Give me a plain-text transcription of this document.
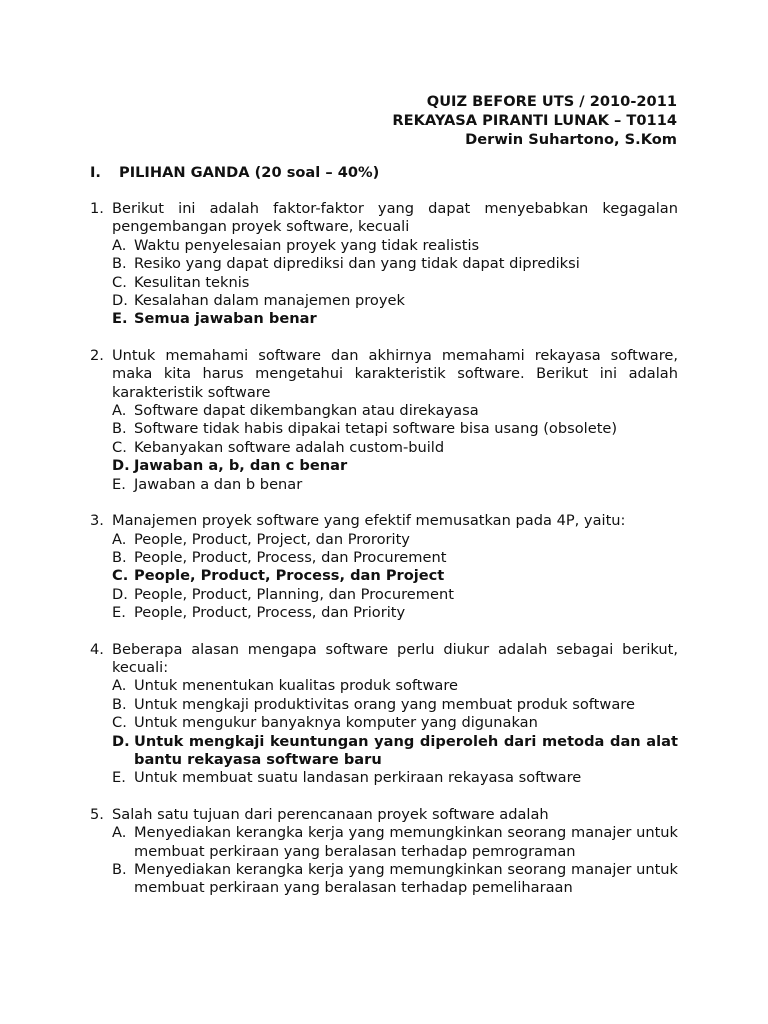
QUIZ BEFORE UTS / 2010-2011
REKAYASA PIRANTI LUNAK – T0114
Derwin Suhartono, S.Kom
I.	PILIHAN GANDA (20 soal – 40%)
1. Berikut ini adalah faktor-faktor yang dapat menyebabkan kegagalan pengembangan proyek software, kecuali
A. Waktu penyelesaian proyek yang tidak realistis
B. Resiko yang dapat diprediksi dan yang tidak dapat diprediksi
C. Kesulitan teknis
D. Kesalahan dalam manajemen proyek
E. Semua jawaban benar
2. Untuk memahami software dan akhirnya memahami rekayasa software, maka kita harus mengetahui karakteristik software. Berikut ini adalah karakteristik software
A. Software dapat dikembangkan atau direkayasa
B. Software tidak habis dipakai tetapi software bisa usang (obsolete)
C. Kebanyakan software adalah custom-build
D. Jawaban a, b, dan c benar
E. Jawaban a dan b benar
3. Manajemen proyek software yang efektif memusatkan pada 4P, yaitu:
A. People, Product, Project, dan Prorority
B. People, Product, Process, dan Procurement
C. People, Product, Process, dan Project
D. People, Product, Planning, dan Procurement
E. People, Product, Process, dan Priority
4. Beberapa alasan mengapa software perlu diukur adalah sebagai berikut, kecuali:
A. Untuk menentukan kualitas produk software
B. Untuk mengkaji produktivitas orang yang membuat produk software
C. Untuk mengukur banyaknya komputer yang digunakan
D. Untuk mengkaji keuntungan yang diperoleh dari metoda dan alat bantu rekayasa software baru
E. Untuk membuat suatu landasan perkiraan rekayasa software
5. Salah satu tujuan dari perencanaan proyek software adalah
A. Menyediakan kerangka kerja yang memungkinkan seorang manajer untuk membuat perkiraan yang beralasan terhadap pemrograman
B. Menyediakan kerangka kerja yang memungkinkan seorang manajer untuk membuat perkiraan yang beralasan terhadap pemeliharaan
